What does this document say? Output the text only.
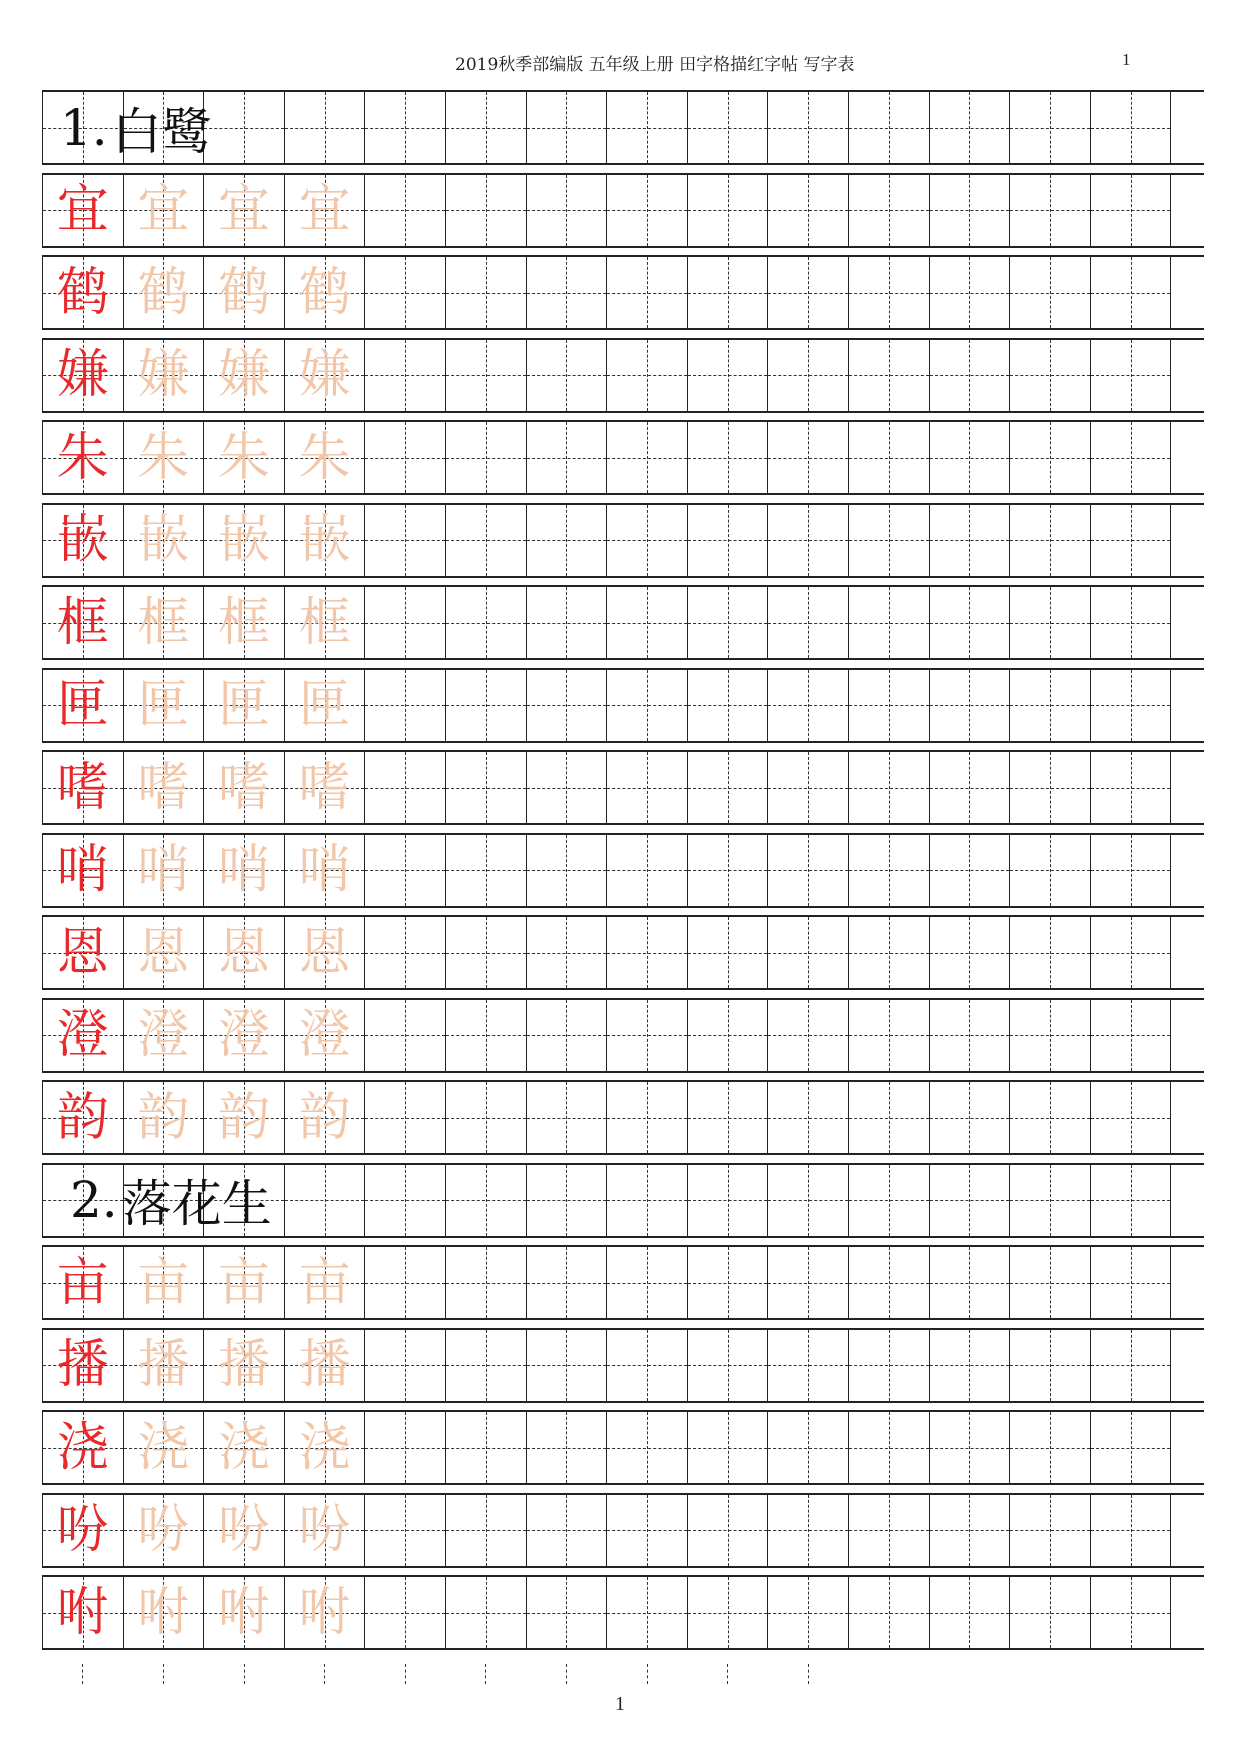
2019秋季部编版 五年级上册 田字格描红字帖 写字表	1
1. 白鹭
宜 宜 宜 宜
鹤 鹤 鹤 鹤
嫌 嫌 嫌 嫌
朱 朱 朱 朱
嵌 嵌 嵌 嵌
框 框 框 框
匣 匣 匣 匣
嗜 嗜 嗜 嗜
哨 哨 哨 哨
恩 恩 恩 恩
澄 澄 澄 澄
韵 韵 韵 韵
2. 落花生
亩 亩 亩 亩
播 播 播 播
浇 浇 浇 浇
吩 吩 吩 吩
咐 咐 咐 咐
1
